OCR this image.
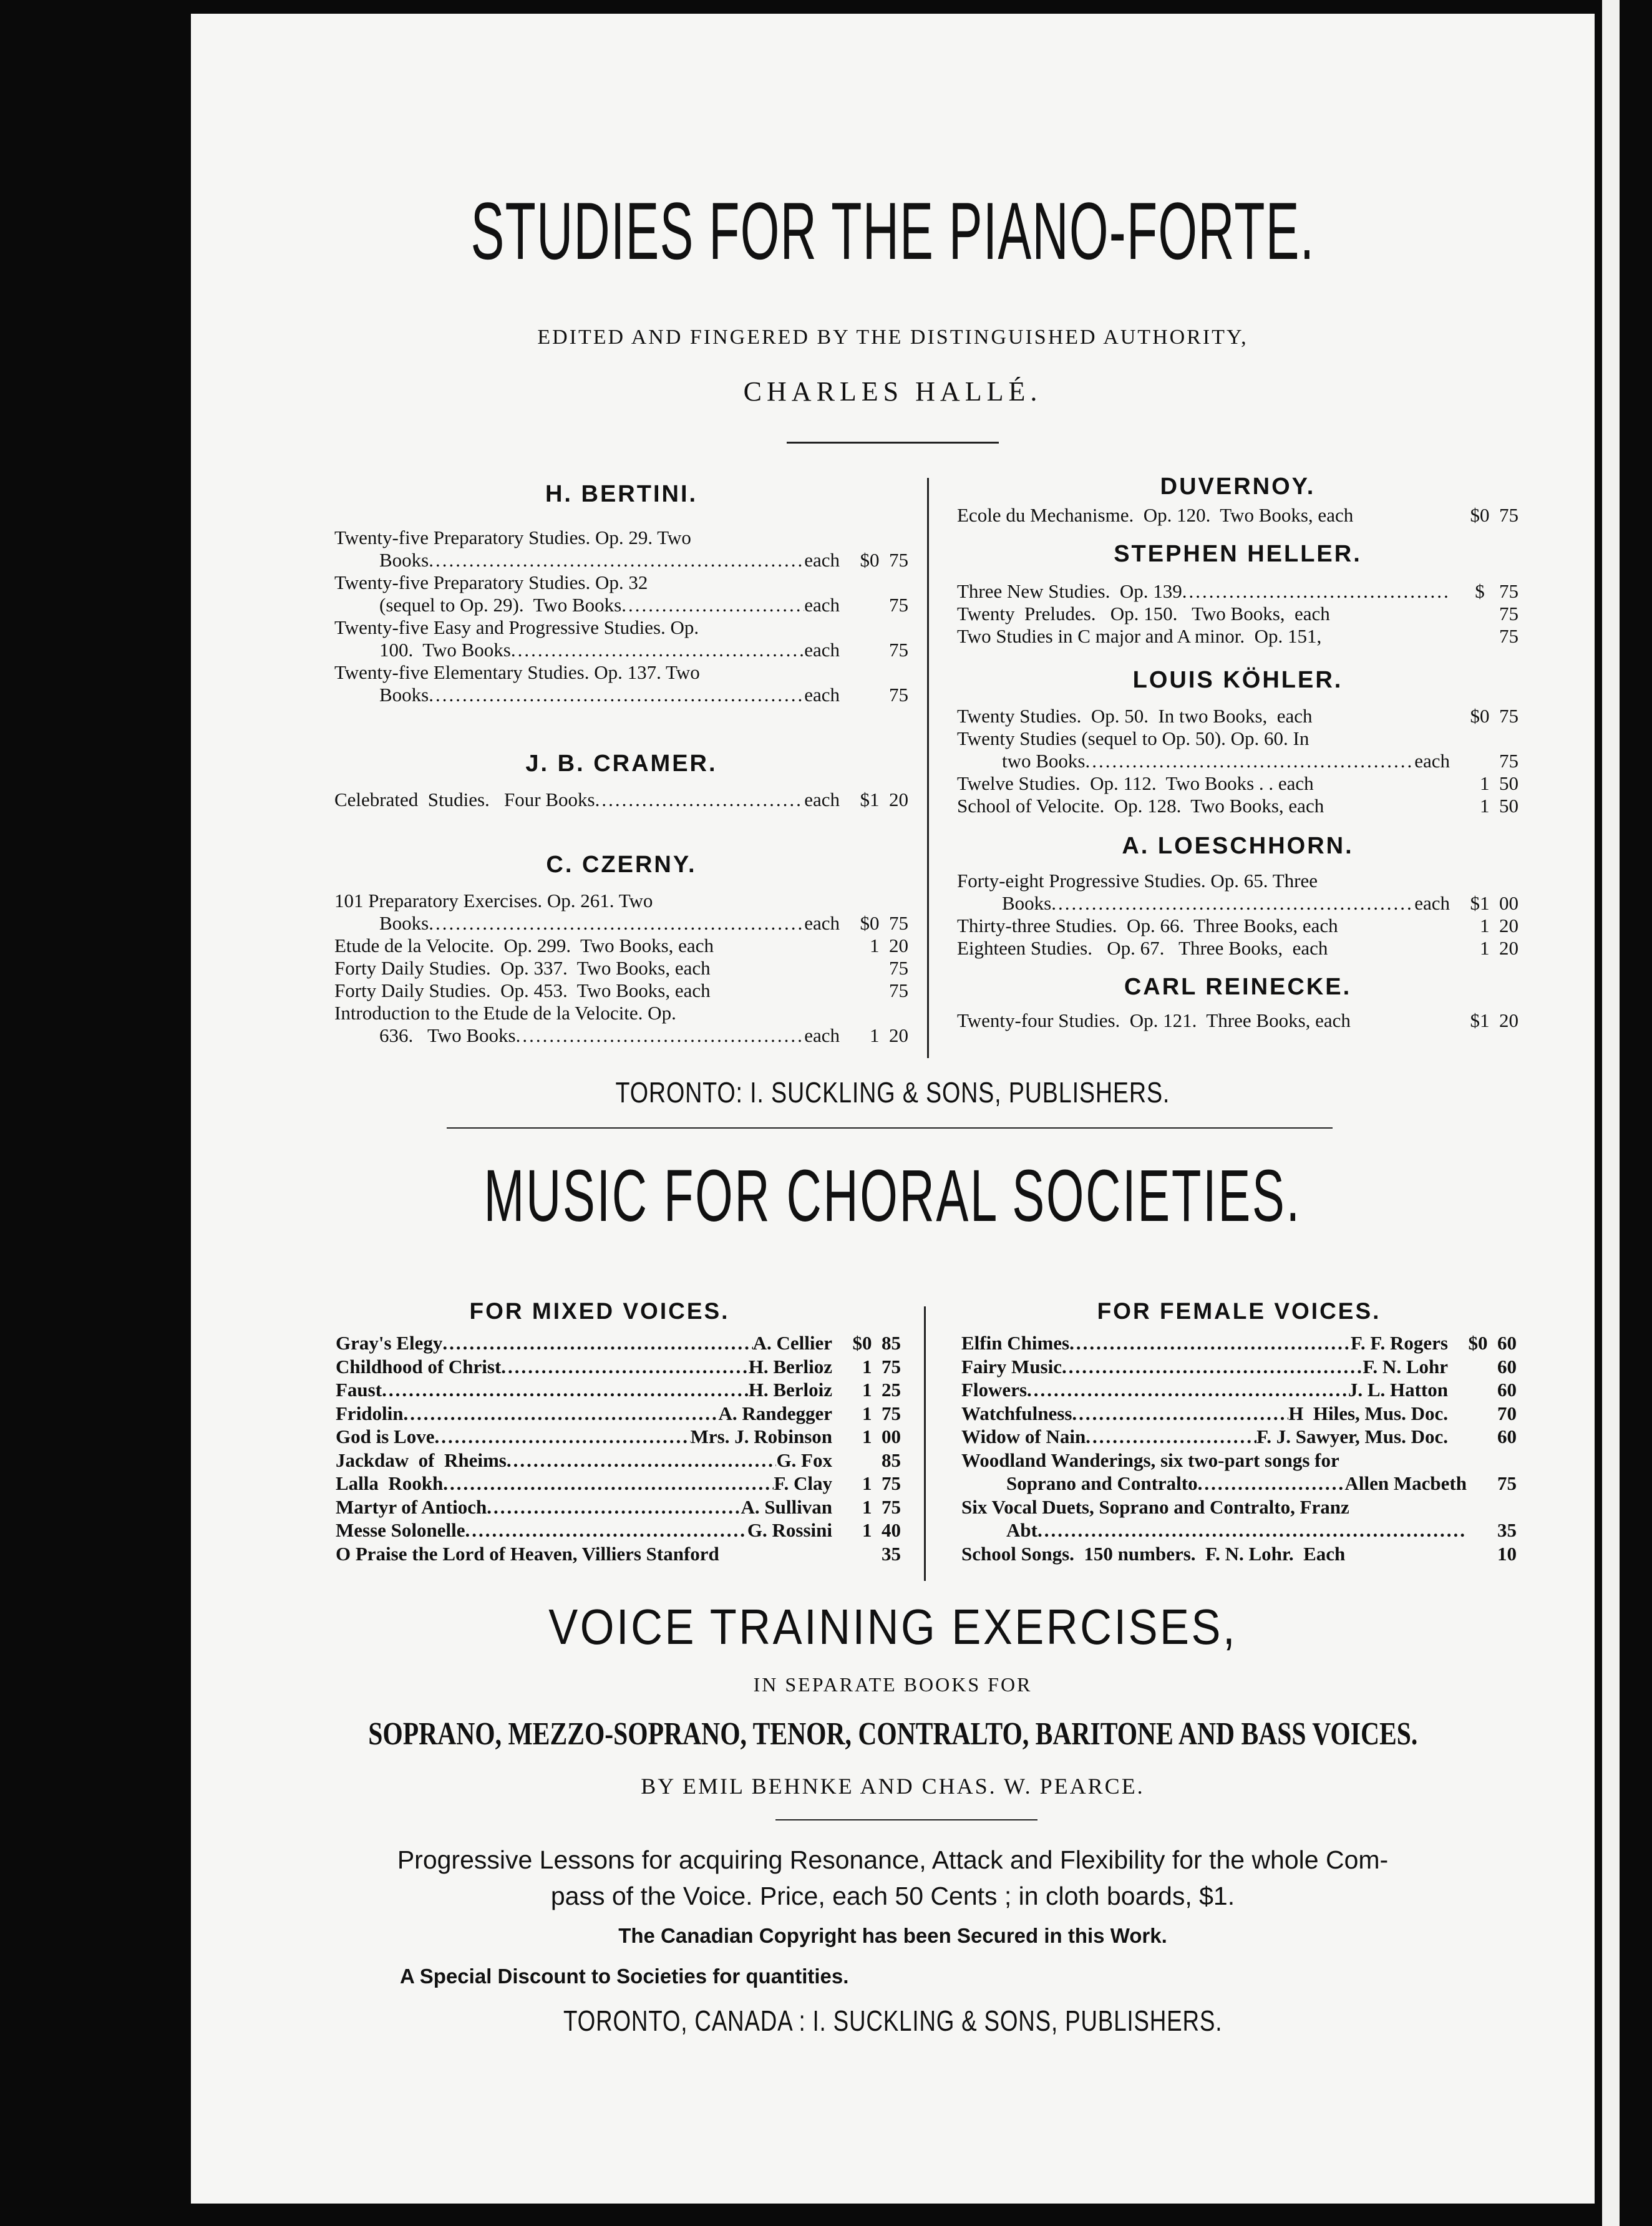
STUDIES FOR THE PIANO-FORTE.
EDITED AND FINGERED BY THE DISTINGUISHED AUTHORITY,
CHARLES HALLÉ.
H. BERTINI.
Twenty-five Preparatory Studies. Op. 29. Two
Books .....	each	$0  75
Twenty-five Preparatory Studies. Op. 32
(sequel to Op. 29).  Two Books .....	each	75
Twenty-five Easy and Progressive Studies. Op.
100.  Two Books .....	each	75
Twenty-five Elementary Studies. Op. 137. Two
Books .....	each	75
J. B. CRAMER.
Celebrated  Studies.   Four Books .....	each	$1  20
C. CZERNY.
101 Preparatory Exercises. Op. 261. Two
Books .....	each	$0  75
Etude de la Velocite.  Op. 299.  Two Books, each	1  20
Forty Daily Studies.  Op. 337.  Two Books, each	75
Forty Daily Studies.  Op. 453.  Two Books, each	75
Introduction to the Etude de la Velocite. Op.
636.   Two Books .....	each	1  20
DUVERNOY.
Ecole du Mechanisme.  Op. 120.  Two Books, each	$0  75
STEPHEN HELLER.
Three New Studies.  Op. 139 .....	$   75
Twenty  Preludes.   Op. 150.   Two Books,  each	75
Two Studies in C major and A minor.  Op. 151,	75
LOUIS KÖHLER.
Twenty Studies.  Op. 50.  In two Books,  each	$0  75
Twenty Studies (sequel to Op. 50). Op. 60. In
two Books .....	each	75
Twelve Studies.  Op. 112.  Two Books . . each	1  50
School of Velocite.  Op. 128.  Two Books, each	1  50
A. LOESCHHORN.
Forty-eight Progressive Studies. Op. 65. Three
Books .....	each	$1  00
Thirty-three Studies.  Op. 66.  Three Books, each	1  20
Eighteen Studies.   Op. 67.   Three Books,  each	1  20
CARL REINECKE.
Twenty-four Studies.  Op. 121.  Three Books, each	$1  20
TORONTO: I. SUCKLING & SONS, PUBLISHERS.
MUSIC FOR CHORAL SOCIETIES.
FOR MIXED VOICES.
Gray's Elegy .....	A. Cellier	$0  85
Childhood of Christ .....	H. Berlioz	1  75
Faust .....	H. Berloiz	1  25
Fridolin .....	A. Randegger	1  75
God is Love .....	Mrs. J. Robinson	1  00
Jackdaw  of  Rheims .....	G. Fox	85
Lalla  Rookh .....	F. Clay	1  75
Martyr of Antioch .....	A. Sullivan	1  75
Messe Solonelle .....	G. Rossini	1  40
O Praise the Lord of Heaven, Villiers Stanford	35
FOR FEMALE VOICES.
Elfin Chimes .....	F. F. Rogers	$0  60
Fairy Music .....	F. N. Lohr	60
Flowers .....	J. L. Hatton	60
Watchfulness .....	H  Hiles, Mus. Doc.	70
Widow of Nain .....	F. J. Sawyer, Mus. Doc.	60
Woodland Wanderings, six two-part songs for
Soprano and Contralto .....	Allen Macbeth	75
Six Vocal Duets, Soprano and Contralto, Franz
Abt .....	35
School Songs.  150 numbers.  F. N. Lohr.  Each	10
VOICE TRAINING EXERCISES,
IN SEPARATE BOOKS FOR
SOPRANO, MEZZO-SOPRANO, TENOR, CONTRALTO, BARITONE AND BASS VOICES.
BY EMIL BEHNKE AND CHAS. W. PEARCE.
Progressive Lessons for acquiring Resonance, Attack and Flexibility for the whole Com-
pass of the Voice. Price, each 50 Cents ; in cloth boards, $1.
The Canadian Copyright has been Secured in this Work.
A Special Discount to Societies for quantities.
TORONTO, CANADA : I. SUCKLING & SONS, PUBLISHERS.
